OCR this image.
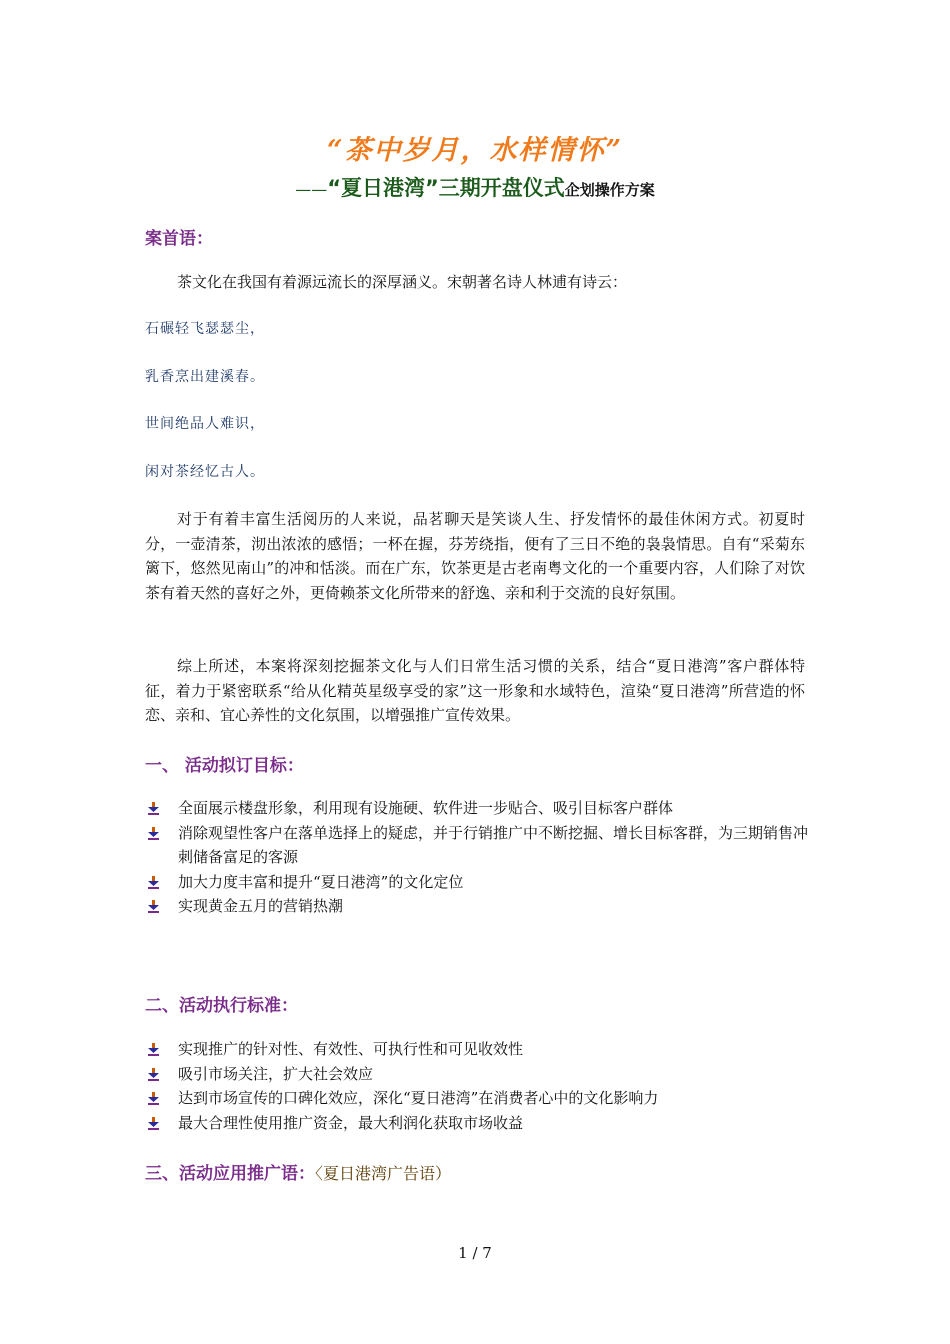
“茶中岁月，水样情怀”
——“夏日港湾”三期开盘仪式企划操作方案
案首语：
茶文化在我国有着源远流长的深厚涵义。宋朝著名诗人林逋有诗云：
石碾轻飞瑟瑟尘，
乳香烹出建溪春。
世间绝品人难识，
闲对茶经忆古人。
对于有着丰富生活阅历的人来说，品茗聊天是笑谈人生、抒发情怀的最佳休闲方式。初夏时分，一壶清茶，沏出浓浓的感悟；一杯在握，芬芳绕指，便有了三日不绝的袅袅情思。自有“采菊东篱下，悠然见南山”的冲和恬淡。而在广东，饮茶更是古老南粤文化的一个重要内容，人们除了对饮茶有着天然的喜好之外，更倚赖茶文化所带来的舒逸、亲和利于交流的良好氛围。
综上所述，本案将深刻挖掘茶文化与人们日常生活习惯的关系，结合“夏日港湾”客户群体特征，着力于紧密联系“给从化精英星级享受的家”这一形象和水域特色，渲染“夏日港湾”所营造的怀恋、亲和、宜心养性的文化氛围，以增强推广宣传效果。
一、 活动拟订目标：
全面展示楼盘形象，利用现有设施硬、软件进一步贴合、吸引目标客户群体
消除观望性客户在落单选择上的疑虑，并于行销推广中不断挖掘、增长目标客群，为三期销售冲刺储备富足的客源
加大力度丰富和提升“夏日港湾”的文化定位
实现黄金五月的营销热潮
二、活动执行标准：
实现推广的针对性、有效性、可执行性和可见收效性
吸引市场关注，扩大社会效应
达到市场宣传的口碑化效应，深化“夏日港湾”在消费者心中的文化影响力
最大合理性使用推广资金，最大利润化获取市场收益
三、活动应用推广语：〈夏日港湾广告语）
1 / 7
